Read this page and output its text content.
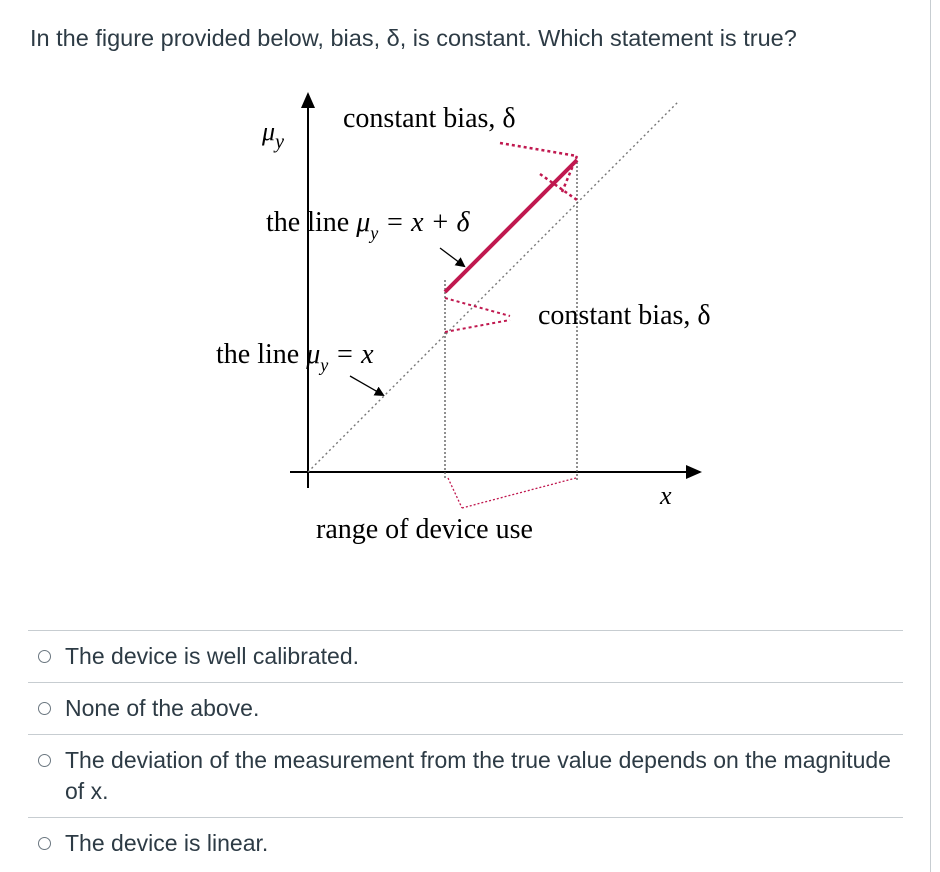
In the figure provided below, bias, δ, is constant. Which statement is true?
$\mu_y$
constant bias, δ
the line $\mu_y = x + \delta$
constant bias, δ
the line $\mu_y = x$
range of device use
x
The device is well calibrated.
None of the above.
The deviation of the measurement from the true value depends on the magnitude of x.
The device is linear.
